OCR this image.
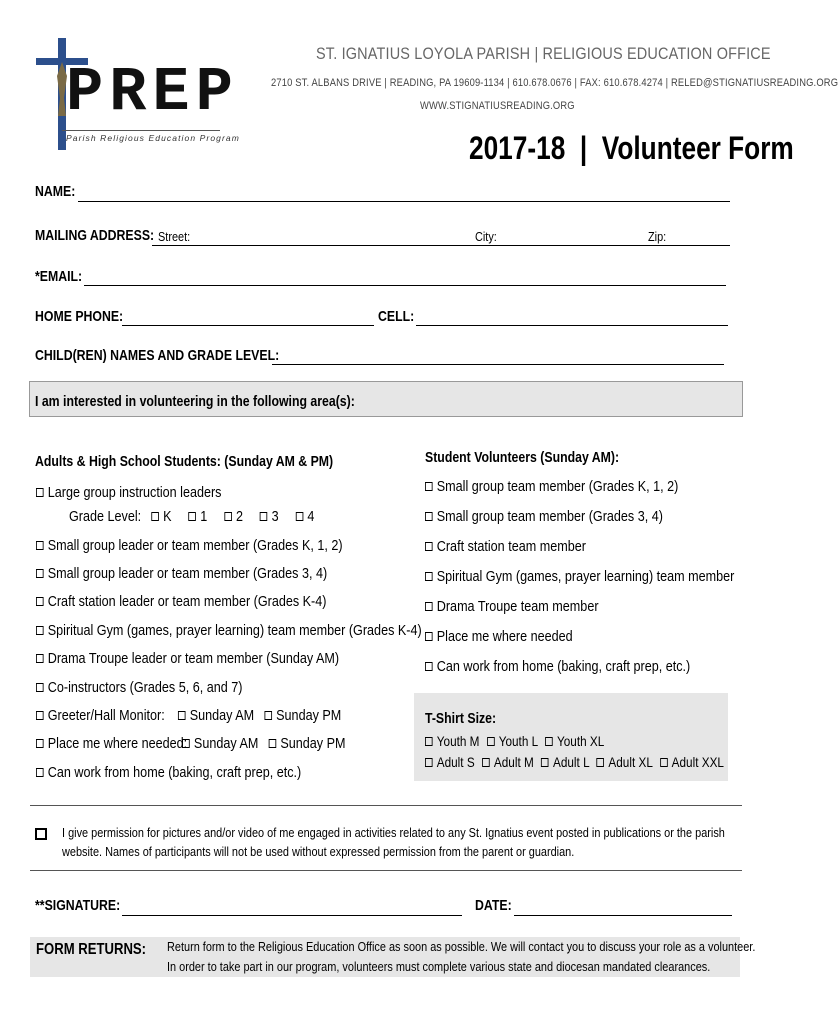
PREP
Parish Religious Education Program
ST. IGNATIUS LOYOLA PARISH | RELIGIOUS EDUCATION OFFICE
2710 ST. ALBANS DRIVE | READING, PA 19609-1134 | 610.678.0676 | FAX: 610.678.4274 | RELED@STIGNATIUSREADING.ORG
WWW.STIGNATIUSREADING.ORG
2017-18  |  Volunteer Form
NAME:
MAILING ADDRESS: Street:	City:	Zip:
*EMAIL:
HOME PHONE:	CELL:
CHILD(REN) NAMES AND GRADE LEVEL:
I am interested in volunteering in the following area(s):
Adults & High School Students: (Sunday AM & PM)
Large group instruction leaders
Grade Level: K 1 2 3 4
Small group leader or team member (Grades K, 1, 2)
Small group leader or team member (Grades 3, 4)
Craft station leader or team member (Grades K-4)
Spiritual Gym (games, prayer learning) team member (Grades K-4)
Drama Troupe leader or team member (Sunday AM)
Co-instructors (Grades 5, 6, and 7)
Greeter/Hall Monitor: Sunday AM Sunday PM
Place me where needed: Sunday AM Sunday PM
Can work from home (baking, craft prep, etc.)
Student Volunteers (Sunday AM):
Small group team member (Grades K, 1, 2)
Small group team member (Grades 3, 4)
Craft station team member
Spiritual Gym (games, prayer learning) team member
Drama Troupe team member
Place me where needed
Can work from home (baking, craft prep, etc.)
T-Shirt Size:
Youth M Youth L Youth XL
Adult S Adult M Adult L Adult XL Adult XXL
I give permission for pictures and/or video of me engaged in activities related to any St. Ignatius event posted in publications or the parish website. Names of participants will not be used without expressed permission from the parent or guardian.
**SIGNATURE:	DATE:
FORM RETURNS: Return form to the Religious Education Office as soon as possible. We will contact you to discuss your role as a volunteer.
In order to take part in our program, volunteers must complete various state and diocesan mandated clearances.
